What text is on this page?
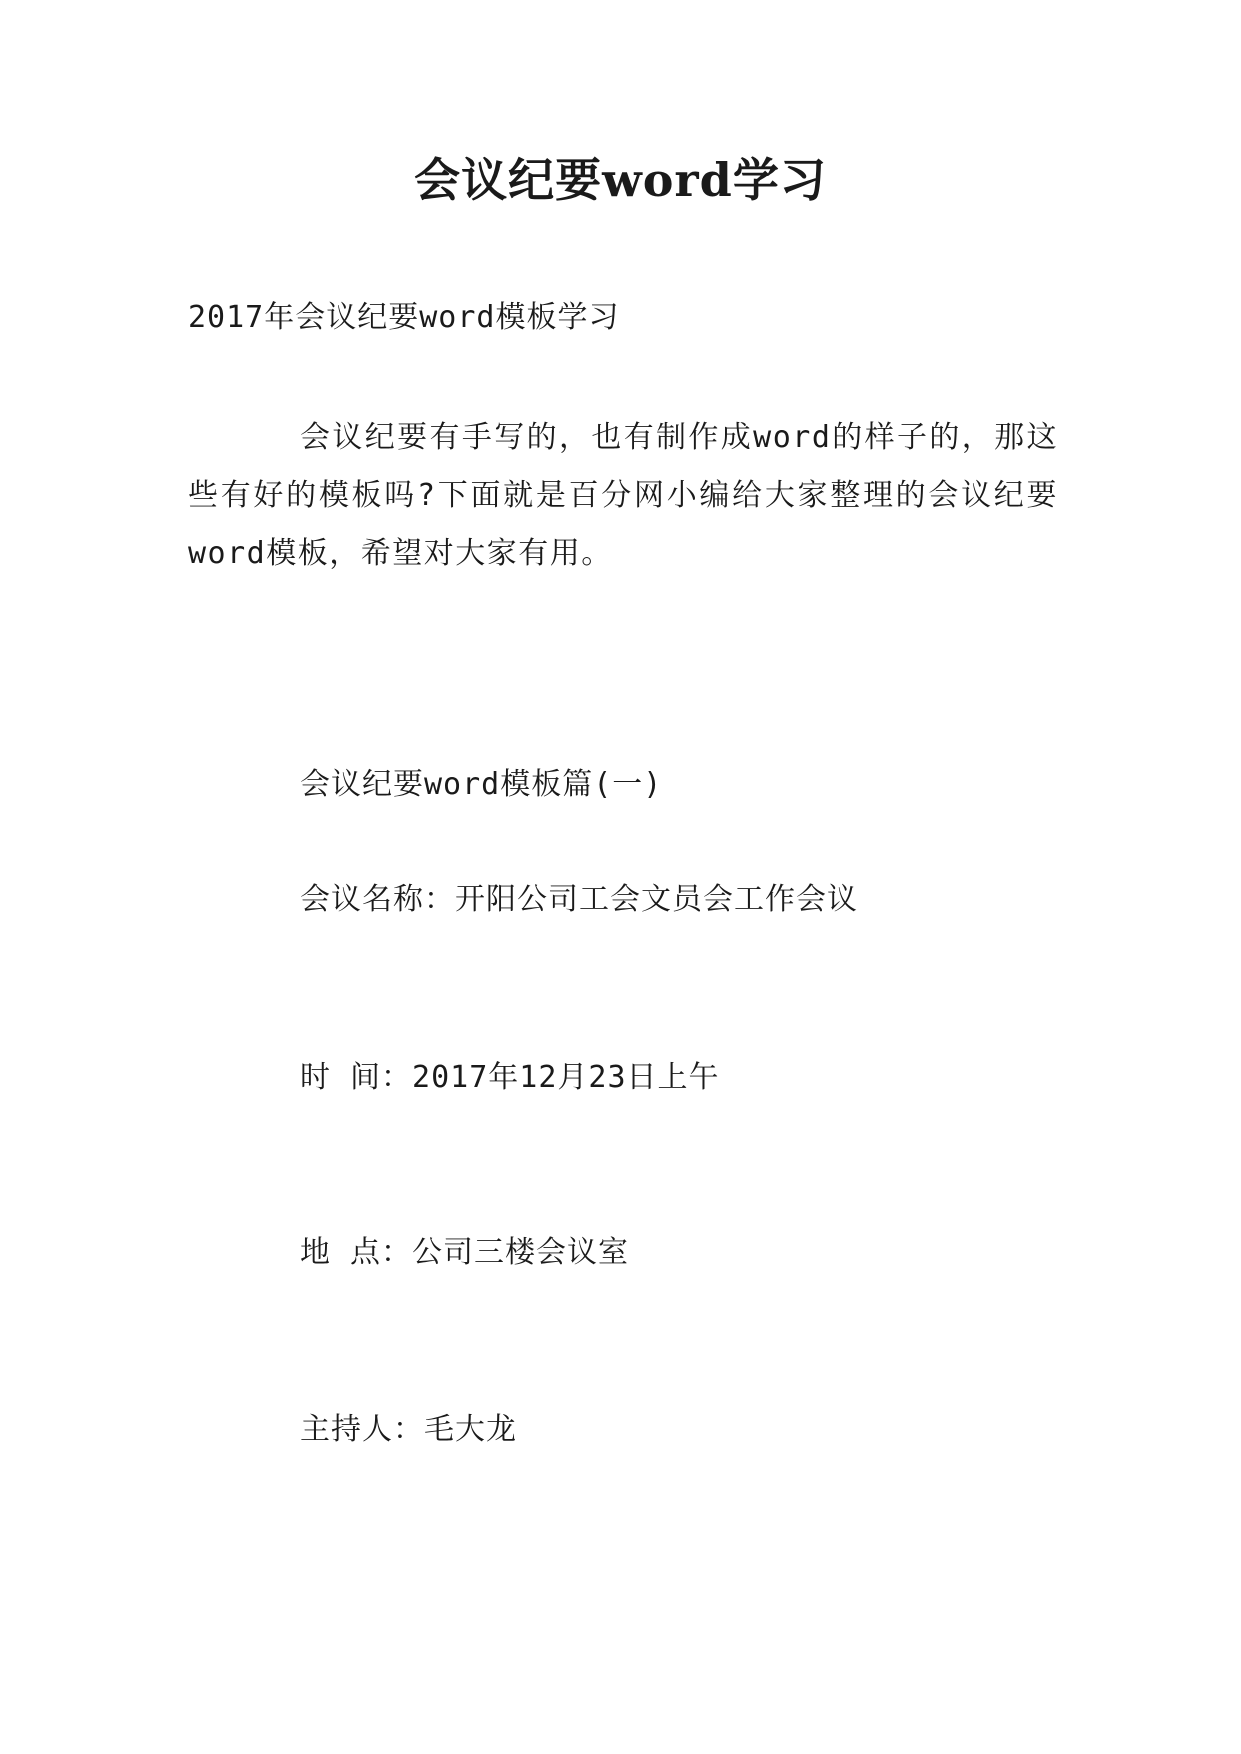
会议纪要word学习
2017年会议纪要word模板学习

会议纪要有手写的，也有制作成word的样子的，那这些有好的模板吗?下面就是百分网小编给大家整理的会议纪要word模板，希望对大家有用。

会议纪要word模板篇(一)
会议名称：开阳公司工会文员会工作会议
时 间：2017年12月23日上午
地 点：公司三楼会议室
主持人：毛大龙
